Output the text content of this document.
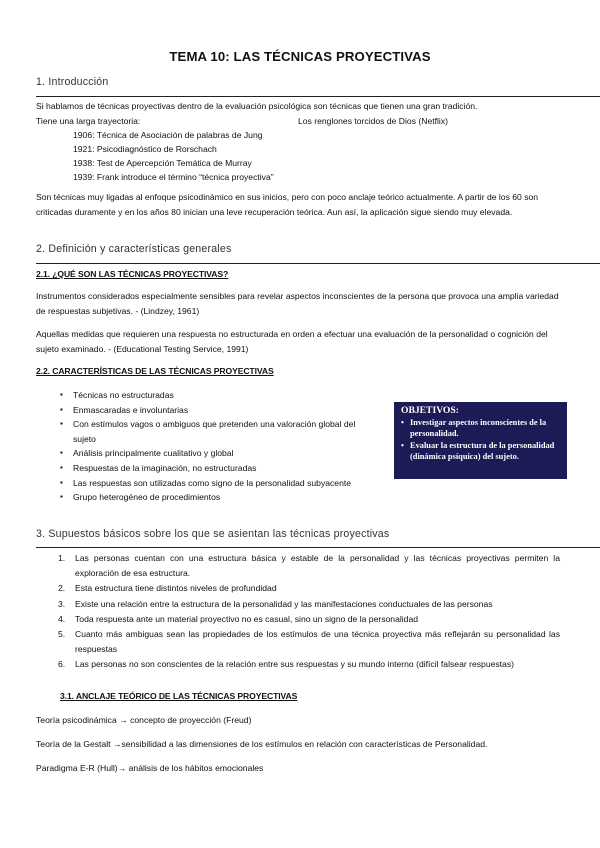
TEMA 10: LAS TÉCNICAS PROYECTIVAS
1. Introducción
Si hablamos de técnicas proyectivas dentro de la evaluación psicológica son técnicas que tienen una gran tradición.
Tiene una larga trayectoria:	Los renglones torcidos de Dios (Netflix)
1906: Técnica de Asociación de palabras de Jung
1921: Psicodiagnóstico de Rorschach
1938: Test de Apercepción Temática de Murray
1939: Frank introduce el término “técnica proyectiva”
Son técnicas muy ligadas al enfoque psicodinámico en sus inicios, pero con poco anclaje teórico actualmente. A partir de los 60 son criticadas duramente y en los años 80 inician una leve recuperación teórica. Aun así, la aplicación sigue siendo muy elevada.
2. Definición y características generales
2.1. ¿QUÉ SON LAS TÉCNICAS PROYECTIVAS?
Instrumentos considerados especialmente sensibles para revelar aspectos inconscientes de la persona que provoca una amplia variedad de respuestas subjetivas. - (Lindzey, 1961)
Aquellas medidas que requieren una respuesta no estructurada en orden a efectuar una evaluación de la personalidad o cognición del sujeto examinado. - (Educational Testing Service, 1991)
2.2. CARACTERÍSTICAS DE LAS TÉCNICAS PROYECTIVAS
▪ Técnicas no estructuradas
▪ Enmascaradas e involuntarias
▪ Con estímulos vagos o ambiguos que pretenden una valoración global del sujeto
▪ Análisis principalmente cualitativo y global
▪ Respuestas de la imaginación, no estructuradas
▪ Las respuestas son utilizadas como signo de la personalidad subyacente
▪ Grupo heterogéneo de procedimientos
OBJETIVOS:
• Investigar aspectos inconscientes de la personalidad.
• Evaluar la estructura de la personalidad (dinámica psíquica) del sujeto.
3. Supuestos básicos sobre los que se asientan las técnicas proyectivas
1. Las personas cuentan con una estructura básica y estable de la personalidad y las técnicas proyectivas permiten la exploración de esa estructura.
2. Esta estructura tiene distintos niveles de profundidad
3. Existe una relación entre la estructura de la personalidad y las manifestaciones conductuales de las personas
4. Toda respuesta ante un material proyectivo no es casual, sino un signo de la personalidad
5. Cuanto más ambiguas sean las propiedades de los estímulos de una técnica proyectiva más reflejarán su personalidad las respuestas
6. Las personas no son conscientes de la relación entre sus respuestas y su mundo interno (difícil falsear respuestas)
3.1. ANCLAJE TEÓRICO DE LAS TÉCNICAS PROYECTIVAS
Teoría psicodinámica → concepto de proyección (Freud)
Teoría de la Gestalt →sensibilidad a las dimensiones de los estímulos en relación con características de Personalidad.
Paradigma E-R (Hull)→ análisis de los hábitos emocionales
